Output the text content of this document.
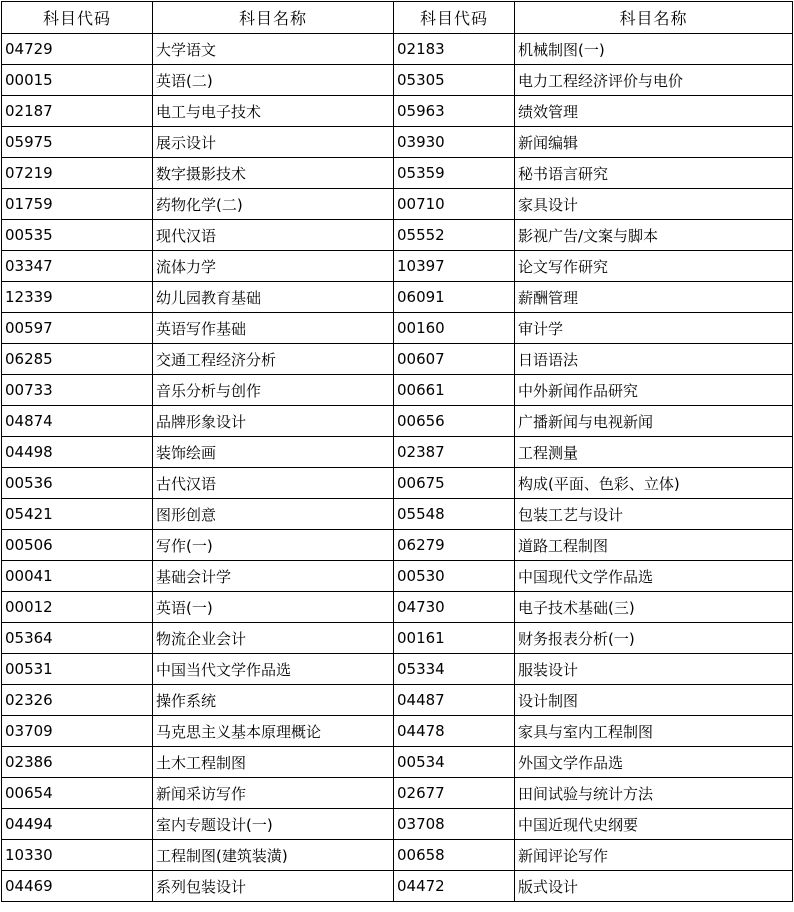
科目代码	科目名称	科目代码	科目名称
04729	大学语文	02183	机械制图(一)
00015	英语(二)	05305	电力工程经济评价与电价
02187	电工与电子技术	05963	绩效管理
05975	展示设计	03930	新闻编辑
07219	数字摄影技术	05359	秘书语言研究
01759	药物化学(二)	00710	家具设计
00535	现代汉语	05552	影视广告/文案与脚本
03347	流体力学	10397	论文写作研究
12339	幼儿园教育基础	06091	薪酬管理
00597	英语写作基础	00160	审计学
06285	交通工程经济分析	00607	日语语法
00733	音乐分析与创作	00661	中外新闻作品研究
04874	品牌形象设计	00656	广播新闻与电视新闻
04498	装饰绘画	02387	工程测量
00536	古代汉语	00675	构成(平面、色彩、立体)
05421	图形创意	05548	包装工艺与设计
00506	写作(一)	06279	道路工程制图
00041	基础会计学	00530	中国现代文学作品选
00012	英语(一)	04730	电子技术基础(三)
05364	物流企业会计	00161	财务报表分析(一)
00531	中国当代文学作品选	05334	服装设计
02326	操作系统	04487	设计制图
03709	马克思主义基本原理概论	04478	家具与室内工程制图
02386	土木工程制图	00534	外国文学作品选
00654	新闻采访写作	02677	田间试验与统计方法
04494	室内专题设计(一)	03708	中国近现代史纲要
10330	工程制图(建筑装潢)	00658	新闻评论写作
04469	系列包装设计	04472	版式设计
